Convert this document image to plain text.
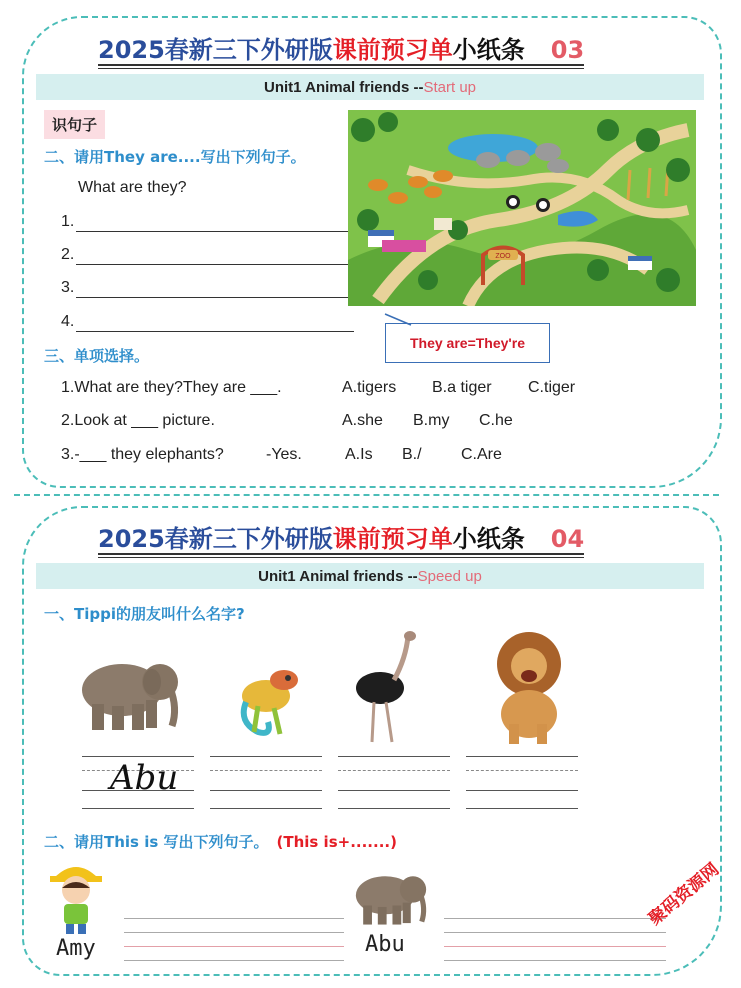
2025春新三下外研版课前预习单小纸条 03
Unit1 Animal friends -- Start up
识句子
二、请用They are....写出下列句子。
What are they?
1.
2.
3.
4.
ZOO
They are=They're
三、单项选择。
1.What are they?They are ___.	A.tigers B.a tiger C.tiger
2.Look at ___ picture.	A.she B.my C.he
3.-___ they elephants?	-Yes.	A.Is B./ C.Are
2025春新三下外研版课前预习单小纸条 04
Unit1 Animal friends -- Speed up
一、Tippi的朋友叫什么名字?
Abu
二、请用This is 写出下列句子。 (This is+.......)
Amy	Abu
聚码资源网
